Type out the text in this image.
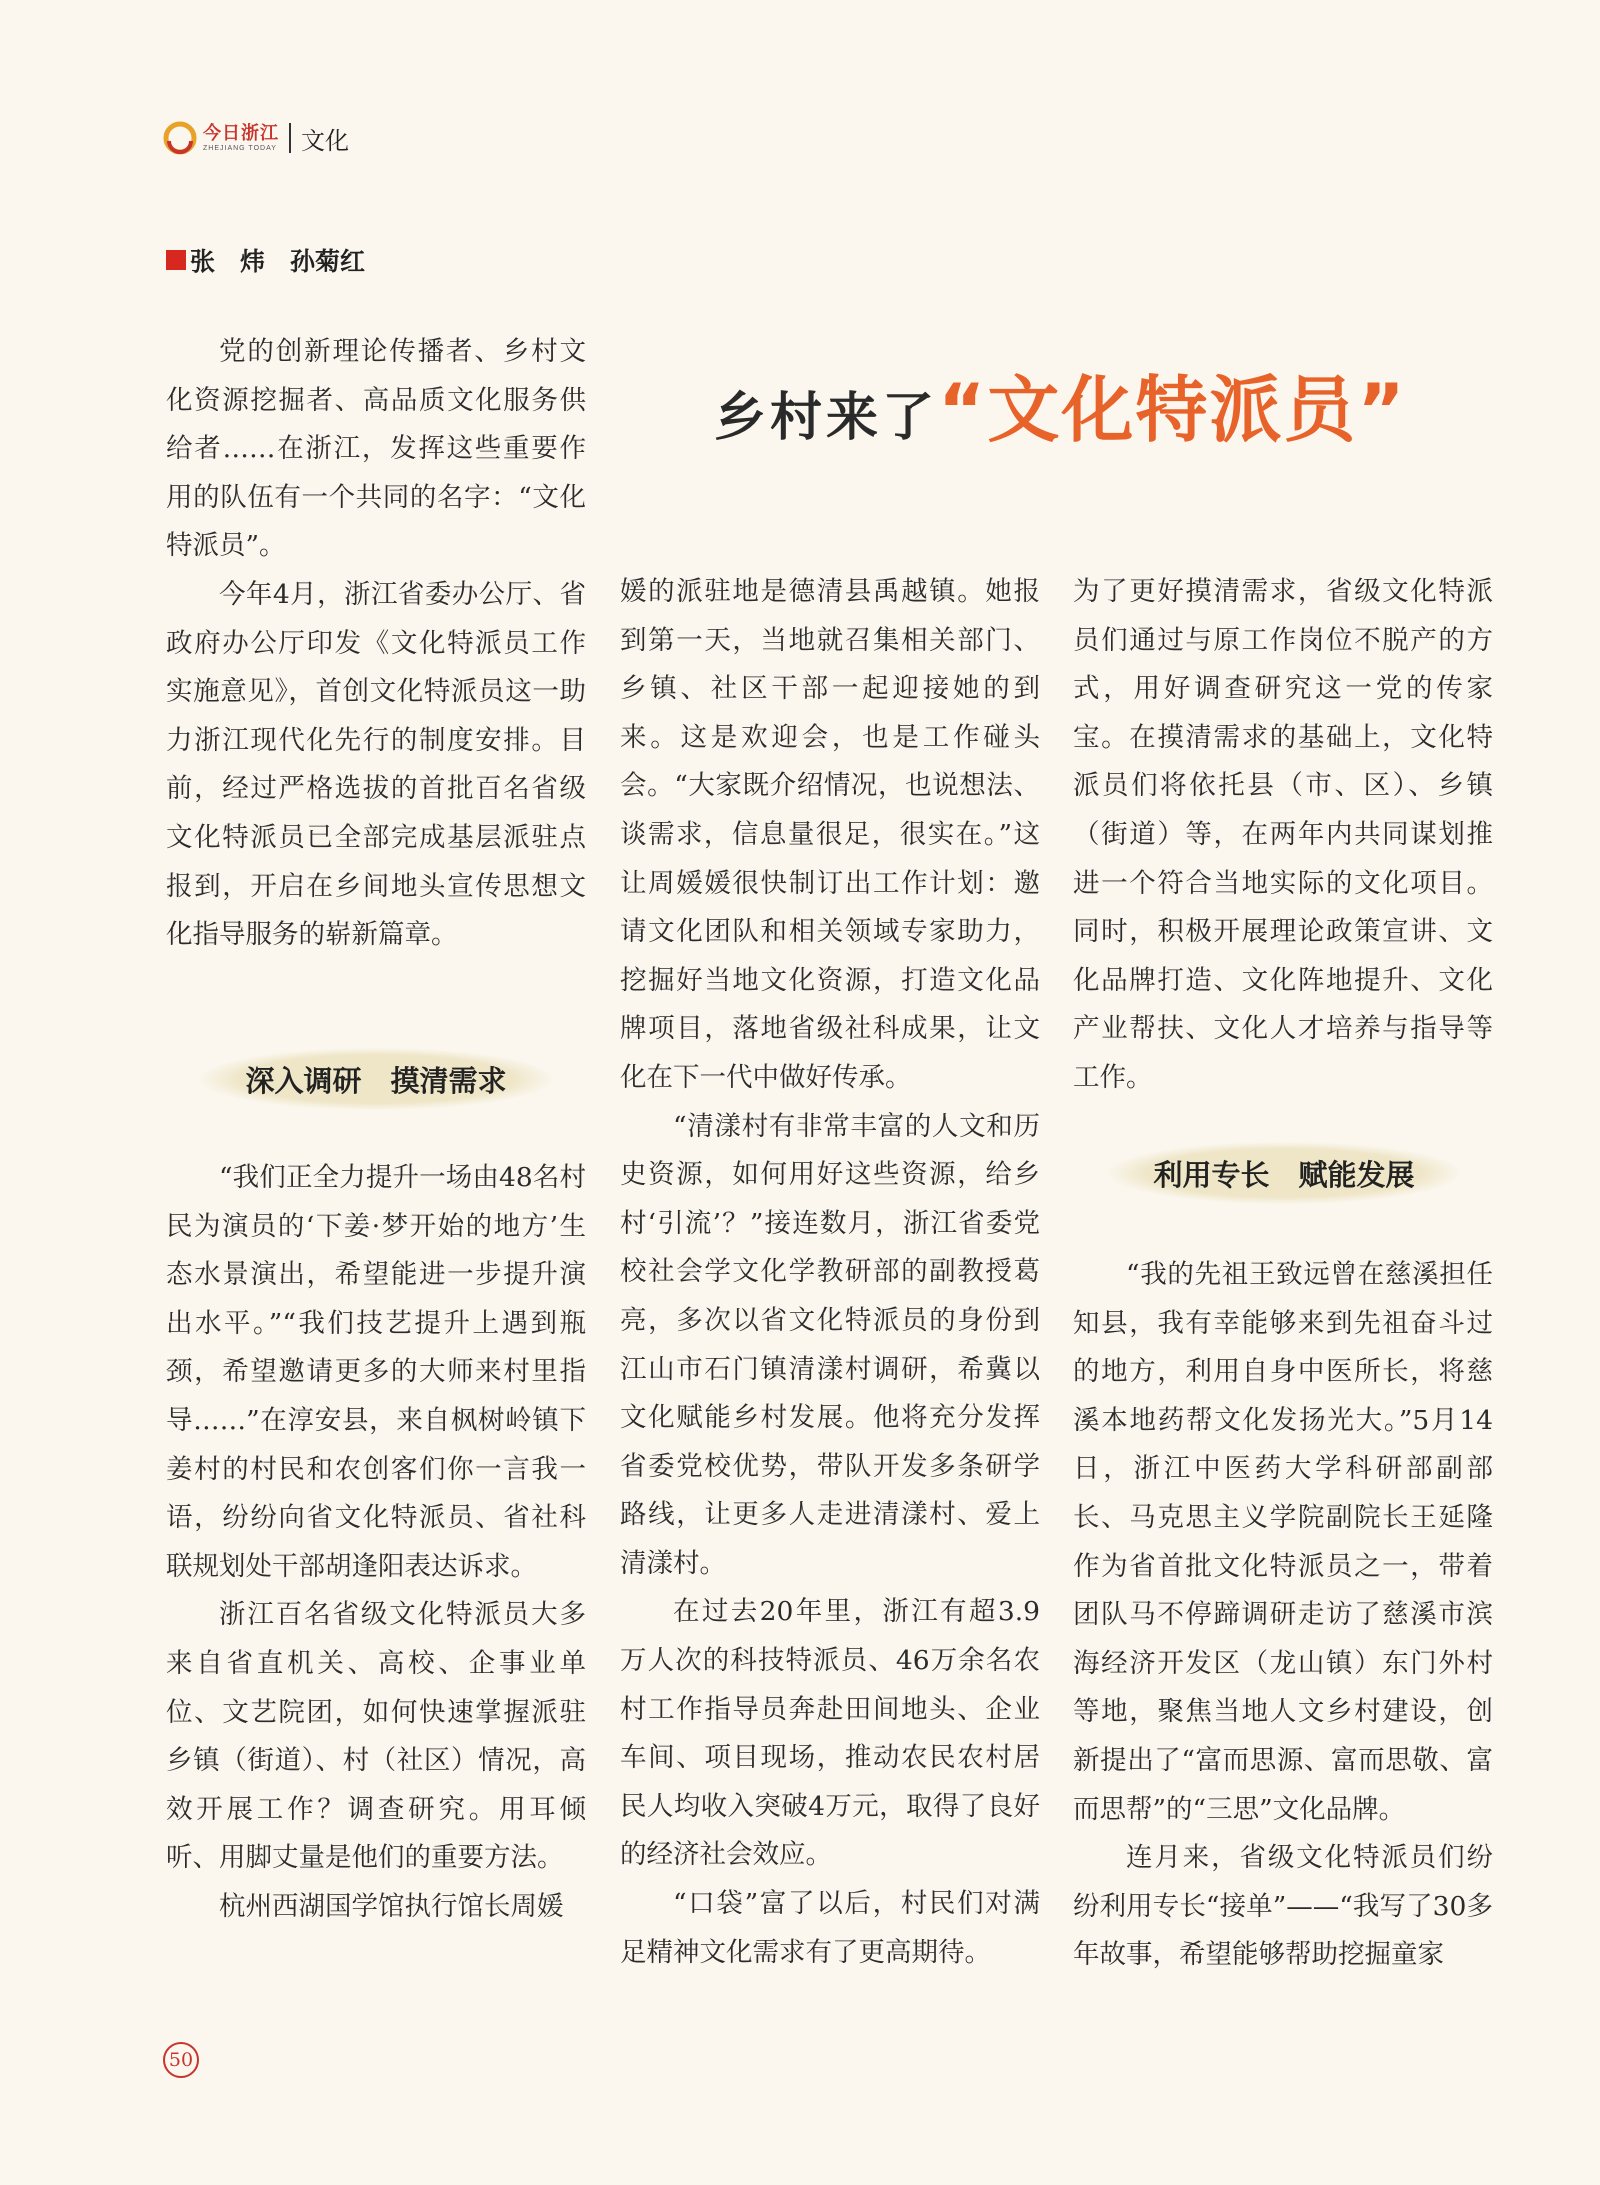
今日浙江
ZHEJIANG TODAY 文化
张　炜　孙菊红
乡村来了 “文化特派员”

党的创新理论传播者、乡村文化资源挖掘者、高品质文化服务供给者……在浙江，发挥这些重要作用的队伍有一个共同的名字：“文化特派员”。

今年4月，浙江省委办公厅、省政府办公厅印发《文化特派员工作实施意见》，首创文化特派员这一助力浙江现代化先行的制度安排。目前，经过严格选拔的首批百名省级文化特派员已全部完成基层派驻点报到，开启在乡间地头宣传思想文化指导服务的崭新篇章。

深入调研　摸清需求

“我们正全力提升一场由48名村民为演员的‘下姜·梦开始的地方’生态水景演出，希望能进一步提升演出水平。”“我们技艺提升上遇到瓶颈，希望邀请更多的大师来村里指导……”在淳安县，来自枫树岭镇下姜村的村民和农创客们你一言我一语，纷纷向省文化特派员、省社科联规划处干部胡逢阳表达诉求。

浙江百名省级文化特派员大多来自省直机关、高校、企事业单位、文艺院团，如何快速掌握派驻乡镇（街道）、村（社区）情况，高效开展工作？调查研究。用耳倾听、用脚丈量是他们的重要方法。

杭州西湖国学馆执行馆长周媛

媛的派驻地是德清县禹越镇。她报到第一天，当地就召集相关部门、乡镇、社区干部一起迎接她的到来。这是欢迎会，也是工作碰头会。“大家既介绍情况，也说想法、谈需求，信息量很足，很实在。”这让周媛媛很快制订出工作计划：邀请文化团队和相关领域专家助力，挖掘好当地文化资源，打造文化品牌项目，落地省级社科成果，让文化在下一代中做好传承。

“清漾村有非常丰富的人文和历史资源，如何用好这些资源，给乡村‘引流’？”接连数月，浙江省委党校社会学文化学教研部的副教授葛亮，多次以省文化特派员的身份到江山市石门镇清漾村调研，希冀以文化赋能乡村发展。他将充分发挥省委党校优势，带队开发多条研学路线，让更多人走进清漾村、爱上清漾村。

在过去20年里，浙江有超3.9万人次的科技特派员、46万余名农村工作指导员奔赴田间地头、企业车间、项目现场，推动农民农村居民人均收入突破4万元，取得了良好的经济社会效应。

“口袋”富了以后，村民们对满足精神文化需求有了更高期待。

为了更好摸清需求，省级文化特派员们通过与原工作岗位不脱产的方式，用好调查研究这一党的传家宝。在摸清需求的基础上，文化特派员们将依托县（市、区）、乡镇（街道）等，在两年内共同谋划推进一个符合当地实际的文化项目。同时，积极开展理论政策宣讲、文化品牌打造、文化阵地提升、文化产业帮扶、文化人才培养与指导等工作。

利用专长　赋能发展

“我的先祖王致远曾在慈溪担任知县，我有幸能够来到先祖奋斗过的地方，利用自身中医所长，将慈溪本地药帮文化发扬光大。”5月14日，浙江中医药大学科研部副部长、马克思主义学院副院长王延隆作为省首批文化特派员之一，带着团队马不停蹄调研走访了慈溪市滨海经济开发区（龙山镇）东门外村等地，聚焦当地人文乡村建设，创新提出了“富而思源、富而思敬、富而思帮”的“三思”文化品牌。

连月来，省级文化特派员们纷纷利用专长“接单”——“我写了30多年故事，希望能够帮助挖掘童家

50
